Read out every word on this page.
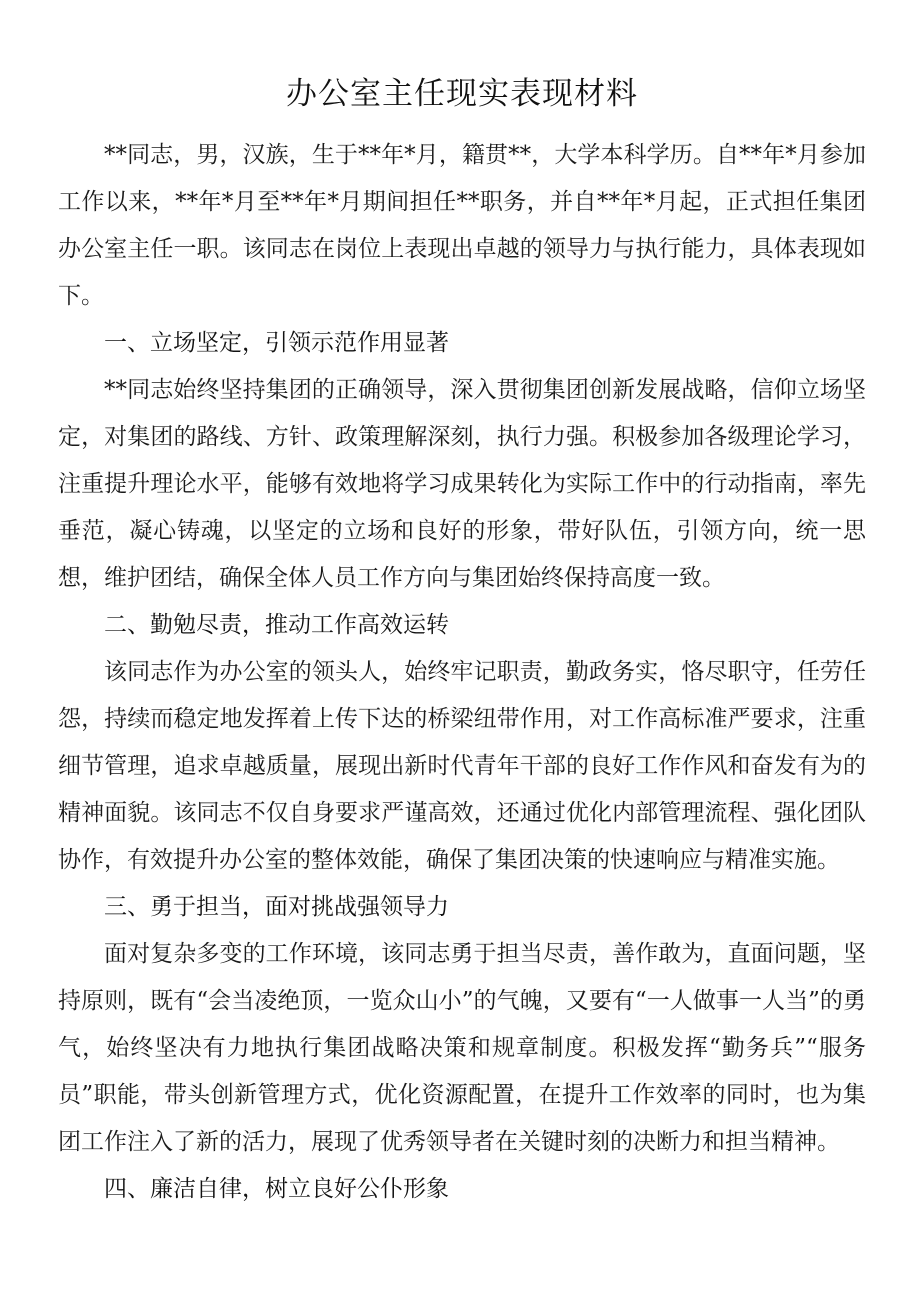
办公室主任现实表现材料

**同志，男，汉族，生于**年*月，籍贯**，大学本科学历。自**年*月参加工作以来，**年*月至**年*月期间担任**职务，并自**年*月起，正式担任集团办公室主任一职。该同志在岗位上表现出卓越的领导力与执行能力，具体表现如下。

一、立场坚定，引领示范作用显著

**同志始终坚持集团的正确领导，深入贯彻集团创新发展战略，信仰立场坚定，对集团的路线、方针、政策理解深刻，执行力强。积极参加各级理论学习，注重提升理论水平，能够有效地将学习成果转化为实际工作中的行动指南，率先垂范，凝心铸魂，以坚定的立场和良好的形象，带好队伍，引领方向，统一思想，维护团结，确保全体人员工作方向与集团始终保持高度一致。

二、勤勉尽责，推动工作高效运转

该同志作为办公室的领头人，始终牢记职责，勤政务实，恪尽职守，任劳任怨，持续而稳定地发挥着上传下达的桥梁纽带作用，对工作高标准严要求，注重细节管理，追求卓越质量，展现出新时代青年干部的良好工作作风和奋发有为的精神面貌。该同志不仅自身要求严谨高效，还通过优化内部管理流程、强化团队协作，有效提升办公室的整体效能，确保了集团决策的快速响应与精准实施。

三、勇于担当，面对挑战强领导力

面对复杂多变的工作环境，该同志勇于担当尽责，善作敢为，直面问题，坚持原则，既有“会当凌绝顶，一览众山小”的气魄，又要有“一人做事一人当”的勇气，始终坚决有力地执行集团战略决策和规章制度。积极发挥“勤务兵”“服务员”职能，带头创新管理方式，优化资源配置，在提升工作效率的同时，也为集团工作注入了新的活力，展现了优秀领导者在关键时刻的决断力和担当精神。

四、廉洁自律，树立良好公仆形象
